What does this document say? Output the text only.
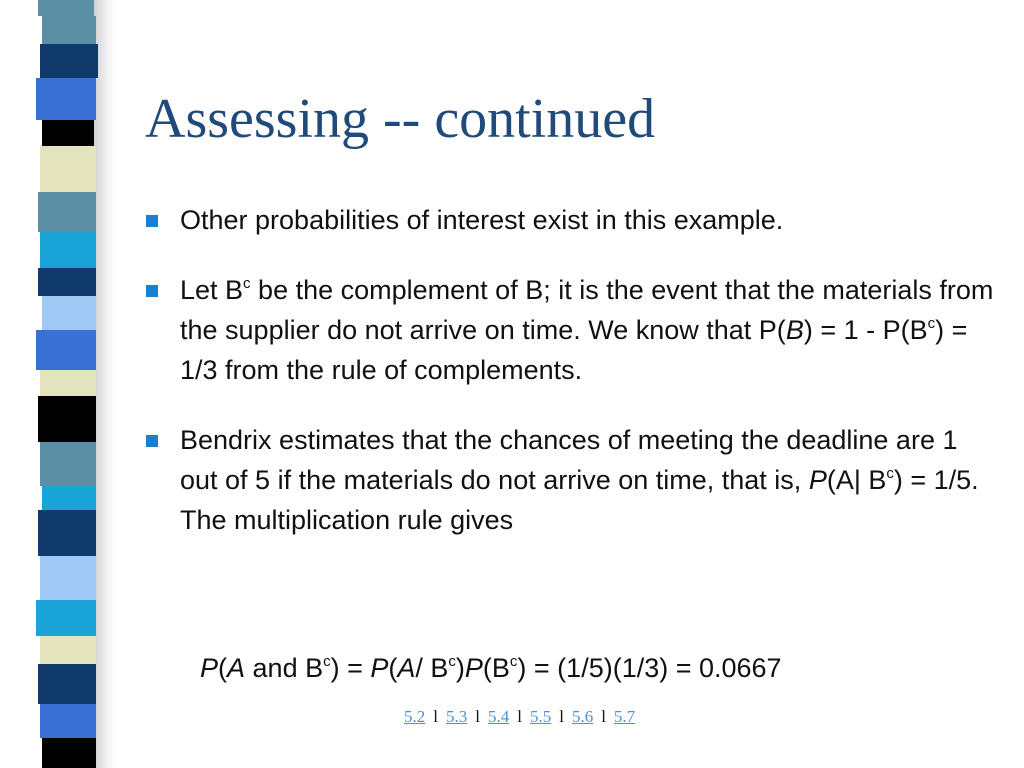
Assessing -- continued
Other probabilities of interest exist in this example.
Let $B^c$ be the complement of B; it is the event that the materials from the supplier do not arrive on time. We know that $P(B) = 1 - P(B^c) = 1/3$ from the rule of complements.
Bendrix estimates that the chances of meeting the deadline are 1 out of 5 if the materials do not arrive on time, that is, P(A| $B^c) = 1/5$. The multiplication rule gives
P(A and $B^c) = P(A/$ $B^c)P(B^c) = (1/5)(1/3) = 0.0667$
5.2 l 5.3 l 5.4 l 5.5 l 5.6 l 5.7
